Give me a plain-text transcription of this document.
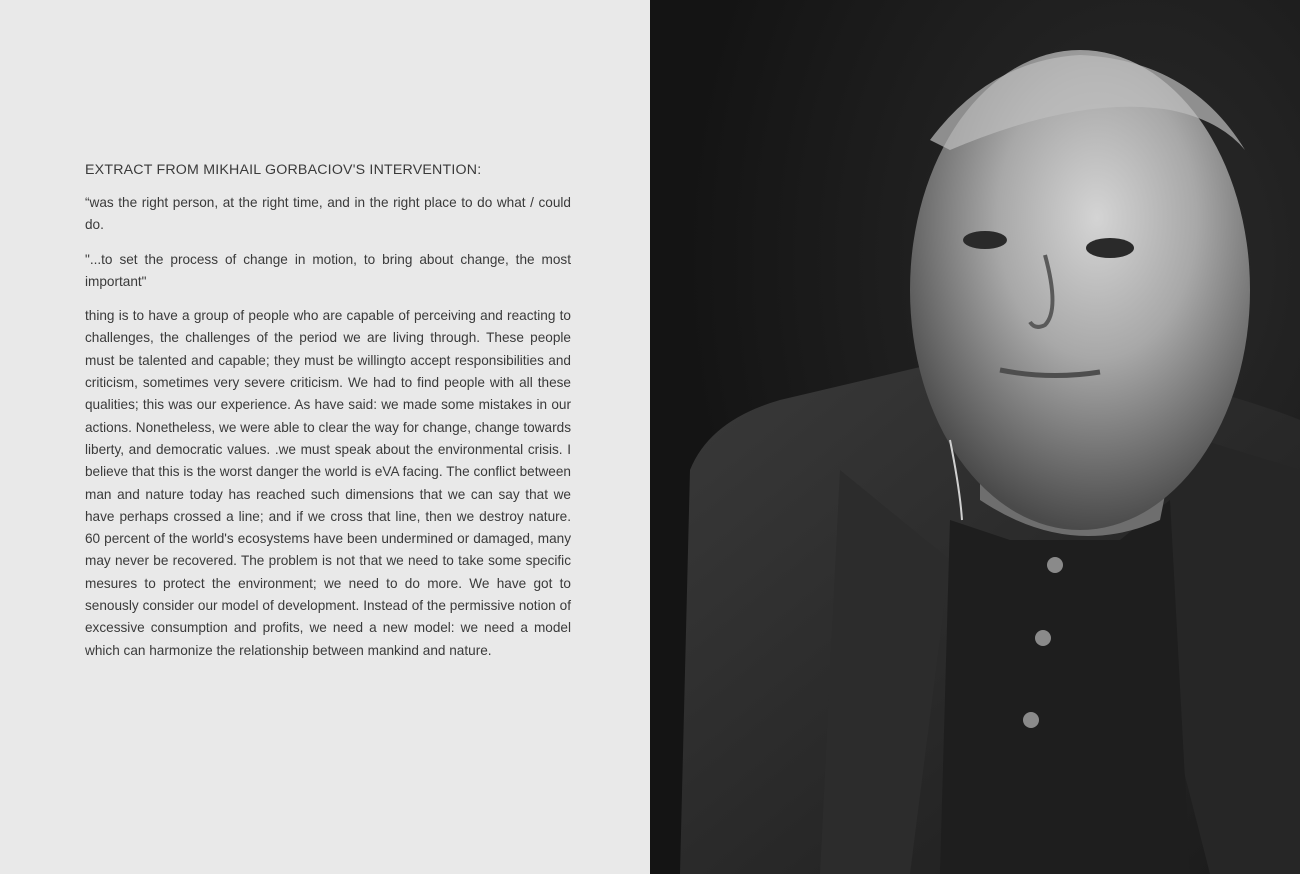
EXTRACT FROM MIKHAIL GORBACIOV'S INTERVENTION:

“was the right person, at the right time, and in the right place to do what / could do.

"...to set the process of change in motion, to bring about change, the most important"

thing is to have a group of people who are capable of perceiving and reacting to challenges, the challenges of the period we are living through. These people must be talented and capable; they must be willingto accept responsibilities and criticism, sometimes very severe criticism. We had to find people with all these qualities; this was our experience. As have said: we made some mistakes in our actions. Nonetheless, we were able to clear the way for change, change towards liberty, and democratic values. .we must speak about the environmental crisis. I believe that this is the worst danger the world is eVA facing. The conflict between man and nature today has reached such dimensions that we can say that we have perhaps crossed a line; and if we cross that line, then we destroy nature. 60 percent of the world's ecosystems have been undermined or damaged, many may never be recovered. The problem is not that we need to take some specific mesures to protect the environment; we need to do more. We have got to senously consider our model of development. Instead of the permissive notion of excessive consumption and profits, we need a new model: we need a model which can harmonize the relationship between mankind and nature.
